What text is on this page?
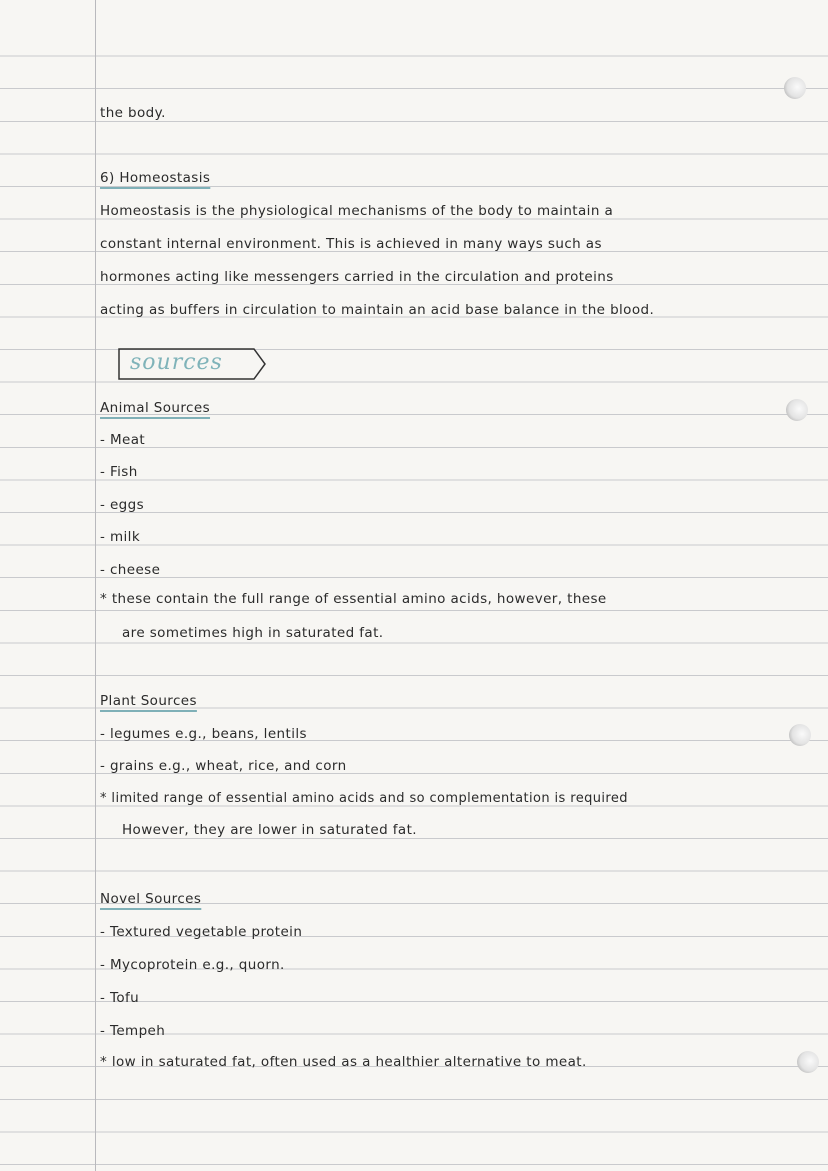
the body.
6) Homeostasis
Homeostasis is the physiological mechanisms of the body to maintain a
constant internal environment. This is achieved in many ways such as
hormones acting like messengers carried in the circulation and proteins
acting as buffers in circulation to maintain an acid base balance in the blood.
sources
Animal Sources
- Meat
- Fish
- eggs
- milk
- cheese
* these contain the full range of essential amino acids, however, these
are sometimes high in saturated fat.
Plant Sources
- legumes e.g., beans, lentils
- grains e.g., wheat, rice, and corn
* limited range of essential amino acids and so complementation is required
However, they are lower in saturated fat.
Novel Sources
- Textured vegetable protein
- Mycoprotein e.g., quorn.
- Tofu
- Tempeh
* low in saturated fat, often used as a healthier alternative to meat.
